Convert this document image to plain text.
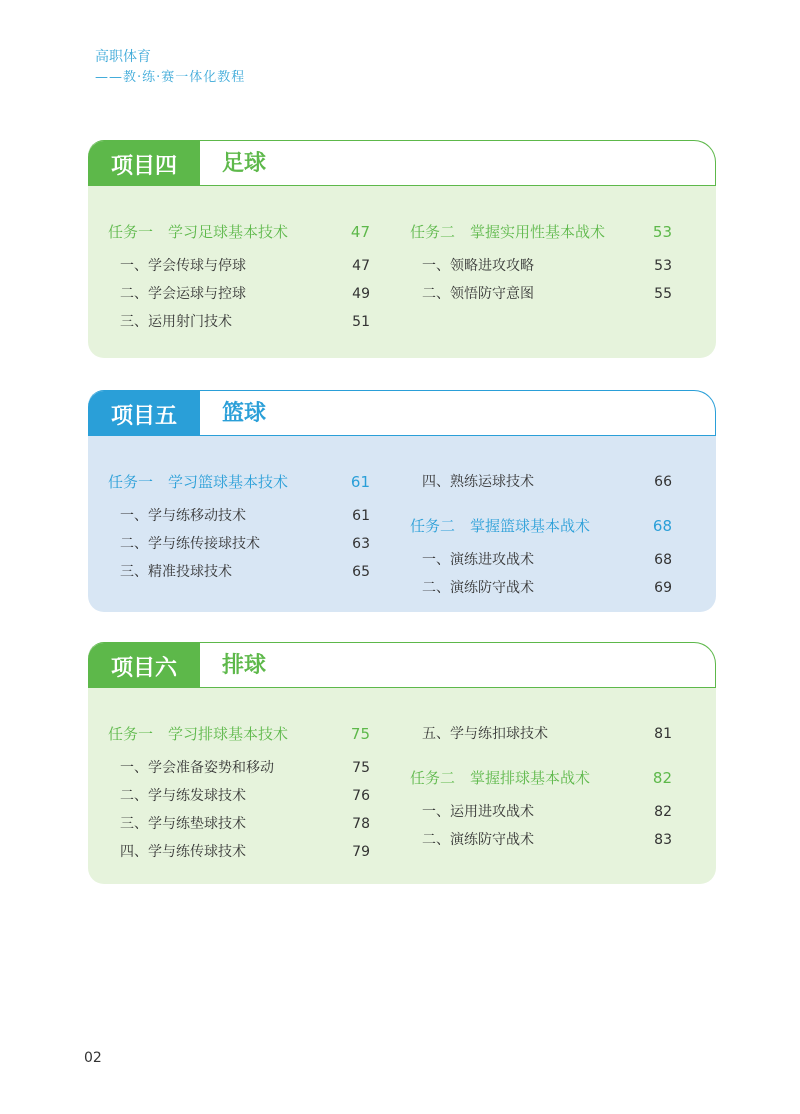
高职体育
——教·练·赛一体化教程
项目四	足球
任务一　学习足球基本技术	47
一、学会传球与停球	47
二、学会运球与控球	49
三、运用射门技术	51
任务二　掌握实用性基本战术	53
一、领略进攻攻略	53
二、领悟防守意图	55
项目五	篮球
任务一　学习篮球基本技术	61
一、学与练移动技术	61
二、学与练传接球技术	63
三、精准投球技术	65
四、熟练运球技术	66
任务二　掌握篮球基本战术	68
一、演练进攻战术	68
二、演练防守战术	69
项目六	排球
任务一　学习排球基本技术	75
一、学会准备姿势和移动	75
二、学与练发球技术	76
三、学与练垫球技术	78
四、学与练传球技术	79
五、学与练扣球技术	81
任务二　掌握排球基本战术	82
一、运用进攻战术	82
二、演练防守战术	83
02
